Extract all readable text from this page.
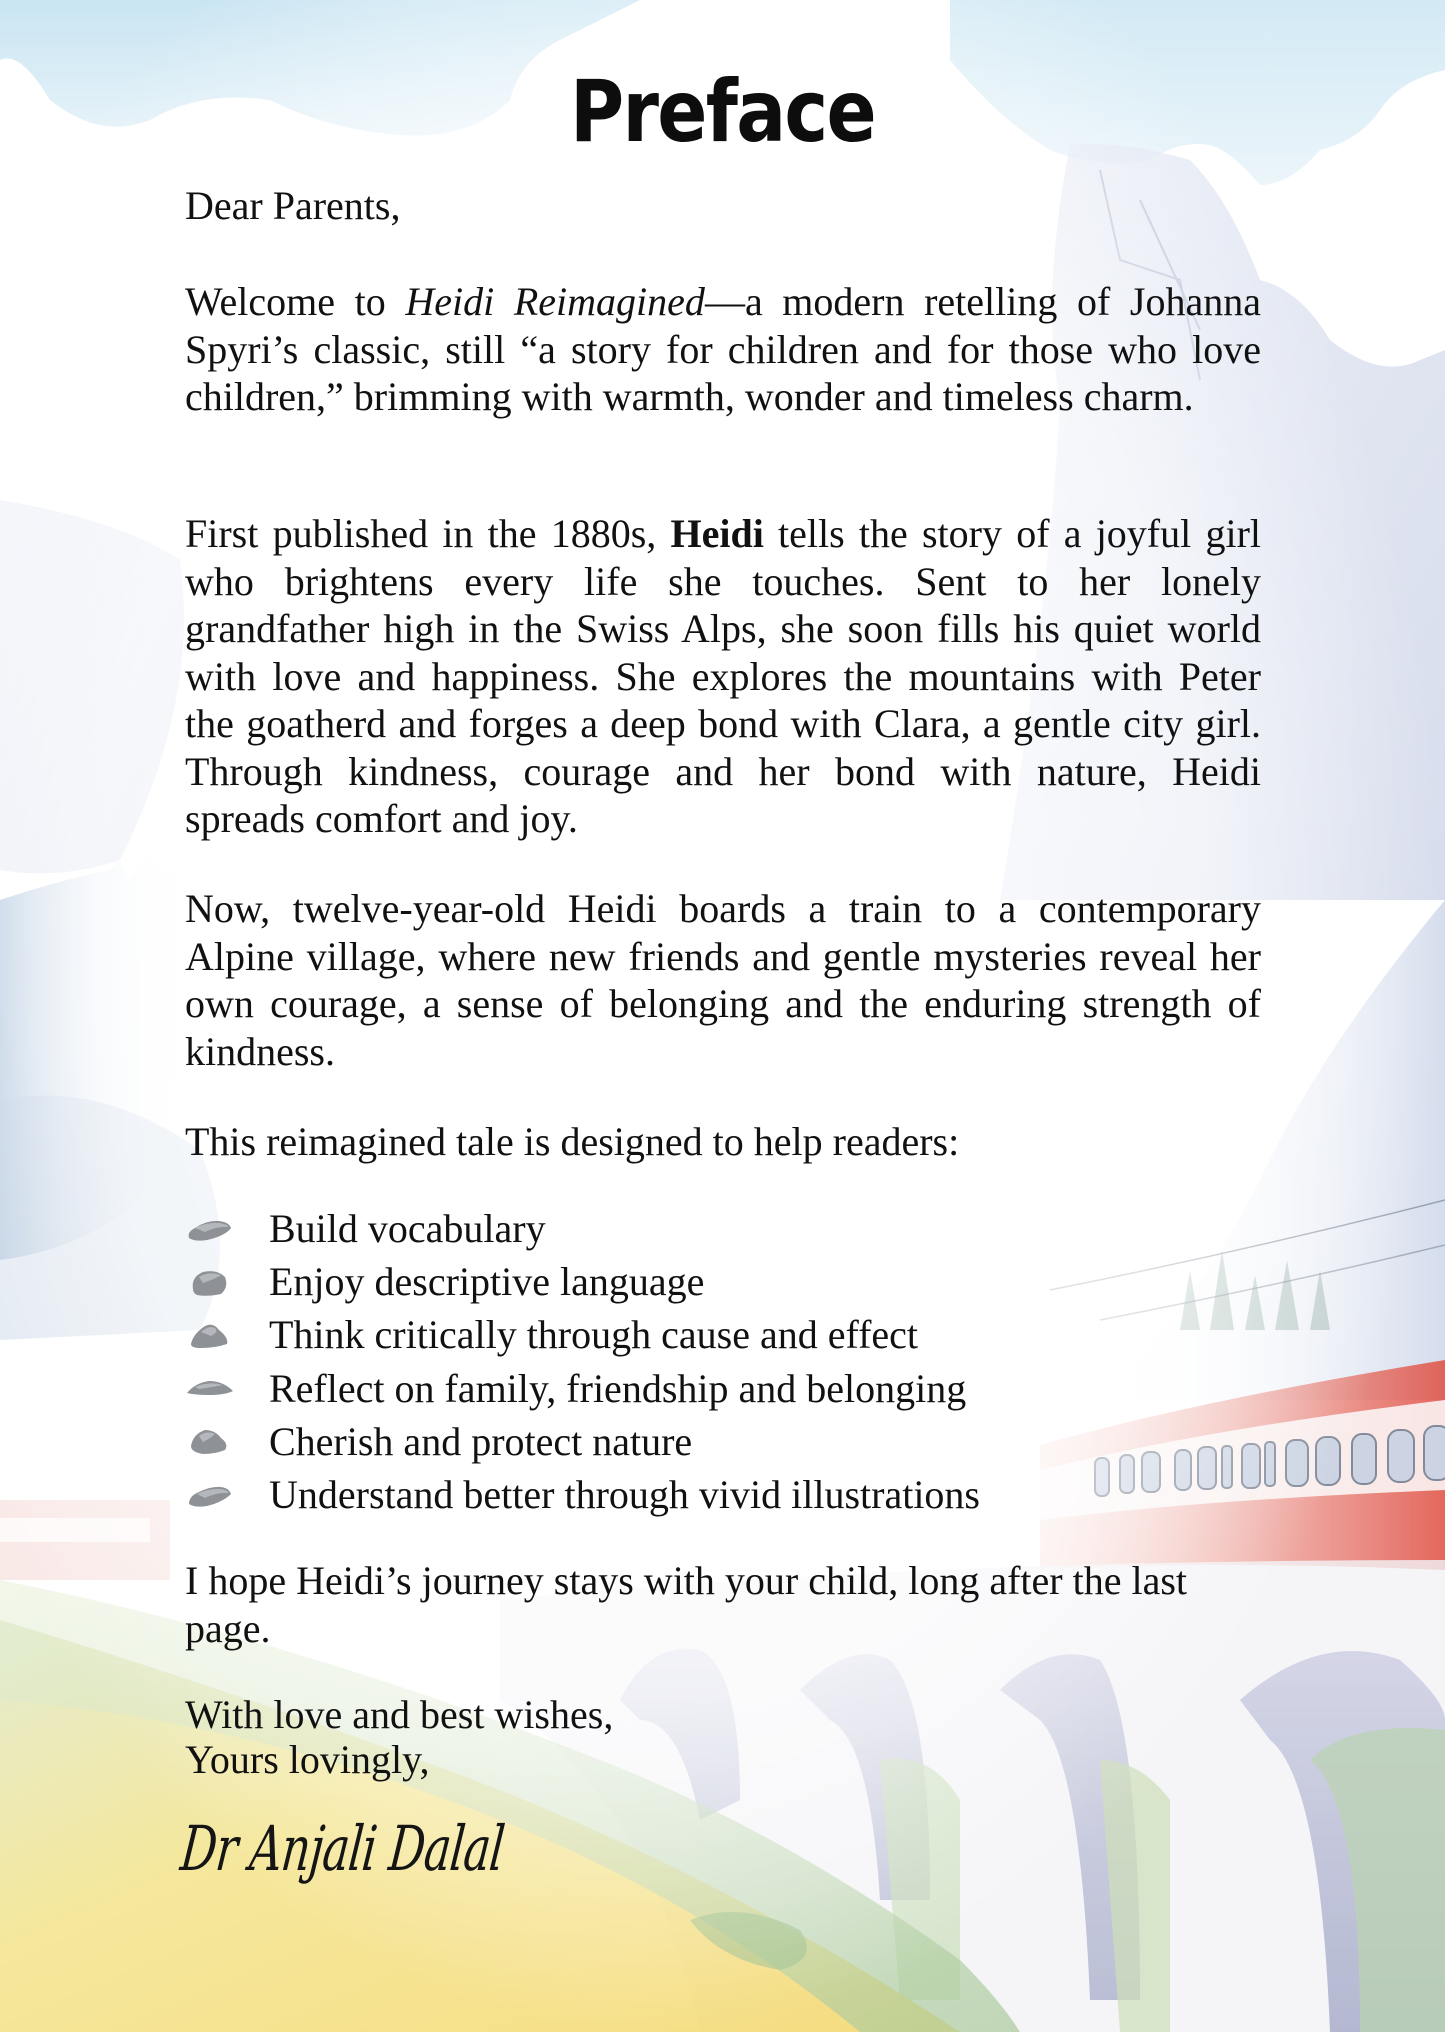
Preface

Dear Parents,

Welcome to Heidi Reimagined—a modern retelling of Johanna Spyri’s classic, still “a story for children and for those who love children,” brimming with warmth, wonder and timeless charm.

First published in the 1880s, Heidi tells the story of a joyful girl who brightens every life she touches. Sent to her lonely grandfather high in the Swiss Alps, she soon fills his quiet world with love and happiness. She explores the mountains with Peter the goatherd and forges a deep bond with Clara, a gentle city girl. Through kindness, courage and her bond with nature, Heidi spreads comfort and joy.

Now, twelve-year-old Heidi boards a train to a contemporary Alpine village, where new friends and gentle mysteries reveal her own courage, a sense of belonging and the enduring strength of kindness.

This reimagined tale is designed to help readers:

Build vocabulary
Enjoy descriptive language
Think critically through cause and effect
Reflect on family, friendship and belonging
Cherish and protect nature
Understand better through vivid illustrations

I hope Heidi’s journey stays with your child, long after the last page.

With love and best wishes,

Yours lovingly,

Dr Anjali Dalal
